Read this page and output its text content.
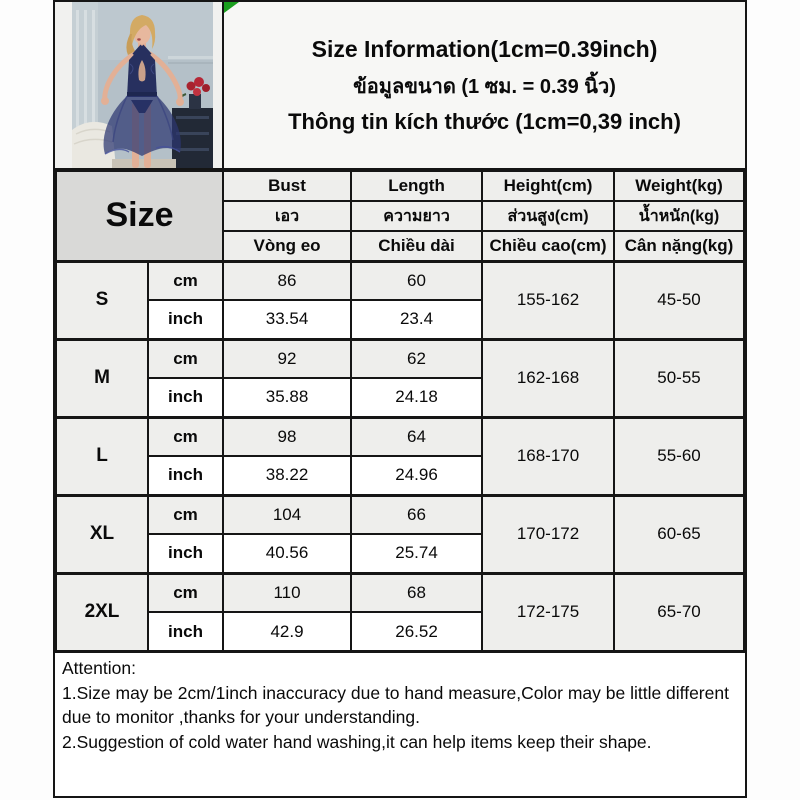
Size Information(1cm=0.39inch)
ข้อมูลขนาด (1 ซม. = 0.39 นิ้ว)
Thông tin kích thước (1cm=0,39 inch)
Size		Bust	Length	Height(cm)	Weight(kg)
		เอว	ความยาว	ส่วนสูง(cm)	น้ำหนัก(kg)
		Vòng eo	Chiều dài	Chiều cao(cm)	Cân nặng(kg)
S	cm	86	60	155-162	45-50
	inch	33.54	23.4		
M	cm	92	62	162-168	50-55
	inch	35.88	24.18		
L	cm	98	64	168-170	55-60
	inch	38.22	24.96		
XL	cm	104	66	170-172	60-65
	inch	40.56	25.74		
2XL	cm	110	68	172-175	65-70
	inch	42.9	26.52		
Attention:
1.Size may be 2cm/1inch inaccuracy due to hand measure,Color may be little different due to monitor ,thanks for your understanding.
2.Suggestion of cold water hand washing,it can help items keep their shape.
